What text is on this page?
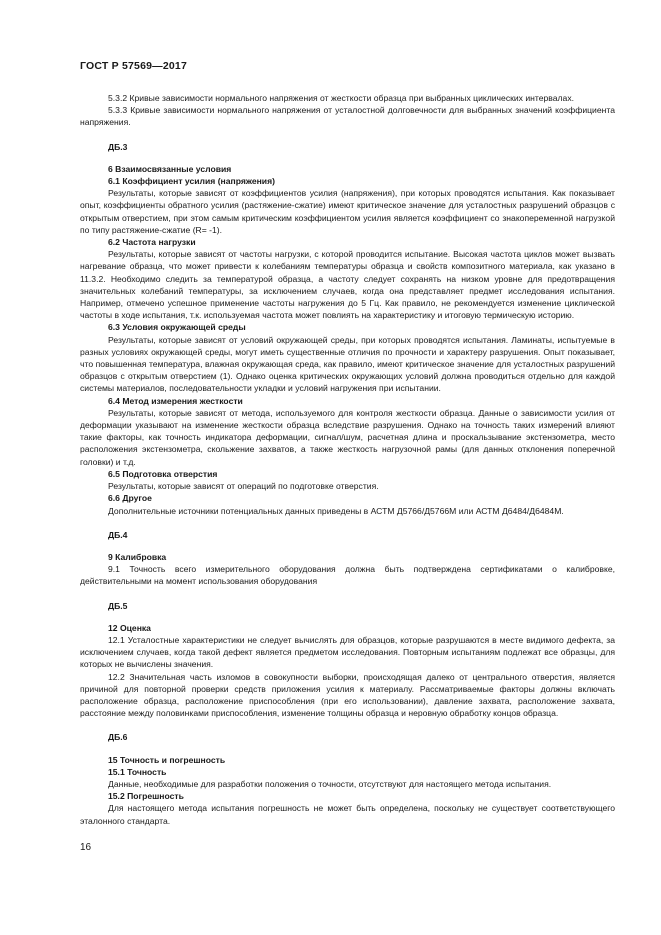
ГОСТ Р 57569—2017

5.3.2 Кривые зависимости нормального напряжения от жесткости образца при выбранных циклических интервалах.

5.3.3 Кривые зависимости нормального напряжения от усталостной долговечности для выбранных значений коэффициента напряжения.

ДБ.3

6 Взаимосвязанные условия

6.1 Коэффициент усилия (напряжения)

Результаты, которые зависят от коэффициентов усилия (напряжения), при которых проводятся испытания. Как показывает опыт, коэффициенты обратного усилия (растяжение-сжатие) имеют критическое значение для усталостных разрушений образцов с открытым отверстием, при этом самым критическим коэффициентом усилия является коэффициент со знакопеременной нагрузкой по типу растяжение-сжатие (R= -1).

6.2 Частота нагрузки

Результаты, которые зависят от частоты нагрузки, с которой проводится испытание. Высокая частота циклов может вызвать нагревание образца, что может привести к колебаниям температуры образца и свойств композитного материала, как указано в 11.3.2. Необходимо следить за температурой образца, а частоту следует сохранять на низком уровне для предотвращения значительных колебаний температуры, за исключением случаев, когда она представляет предмет исследования испытания. Например, отмечено успешное применение частоты нагружения до 5 Гц. Как правило, не рекомендуется изменение циклической частоты в ходе испытания, т.к. используемая частота может повлиять на характеристику и итоговую термическую историю.

6.3 Условия окружающей среды

Результаты, которые зависят от условий окружающей среды, при которых проводятся испытания. Ламинаты, испытуемые в разных условиях окружающей среды, могут иметь существенные отличия по прочности и характеру разрушения. Опыт показывает, что повышенная температура, влажная окружающая среда, как правило, имеют критическое значение для усталостных разрушений образцов с открытым отверстием (1). Однако оценка критических окружающих условий должна проводиться отдельно для каждой системы материалов, последовательности укладки и условий нагружения при испытании.

6.4 Метод измерения жесткости

Результаты, которые зависят от метода, используемого для контроля жесткости образца. Данные о зависимости усилия от деформации указывают на изменение жесткости образца вследствие разрушения. Однако на точность таких измерений влияют такие факторы, как точность индикатора деформации, сигнал/шум, расчетная длина и проскальзывание экстензометра, место расположения экстензометра, скольжение захватов, а также жесткость нагрузочной рамы (для данных отклонения поперечной головки) и т.д.

6.5 Подготовка отверстия

Результаты, которые зависят от операций по подготовке отверстия.

6.6 Другое

Дополнительные источники потенциальных данных приведены в АСТМ Д5766/Д5766М или АСТМ Д6484/Д6484М.

ДБ.4

9 Калибровка

9.1 Точность всего измерительного оборудования должна быть подтверждена сертификатами о калибровке, действительными на момент использования оборудования

ДБ.5

12 Оценка

12.1 Усталостные характеристики не следует вычислять для образцов, которые разрушаются в месте видимого дефекта, за исключением случаев, когда такой дефект является предметом исследования. Повторным испытаниям подлежат все образцы, для которых не вычислены значения.

12.2 Значительная часть изломов в совокупности выборки, происходящая далеко от центрального отверстия, является причиной для повторной проверки средств приложения усилия к материалу. Рассматриваемые факторы должны включать расположение образца, расположение приспособления (при его использовании), давление захвата, расположение захвата, расстояние между половинками приспособления, изменение толщины образца и неровную обработку концов образца.

ДБ.6

15 Точность и погрешность

15.1 Точность

Данные, необходимые для разработки положения о точности, отсутствуют для настоящего метода испытания.

15.2 Погрешность

Для настоящего метода испытания погрешность не может быть определена, поскольку не существует соответствующего эталонного стандарта.

16
